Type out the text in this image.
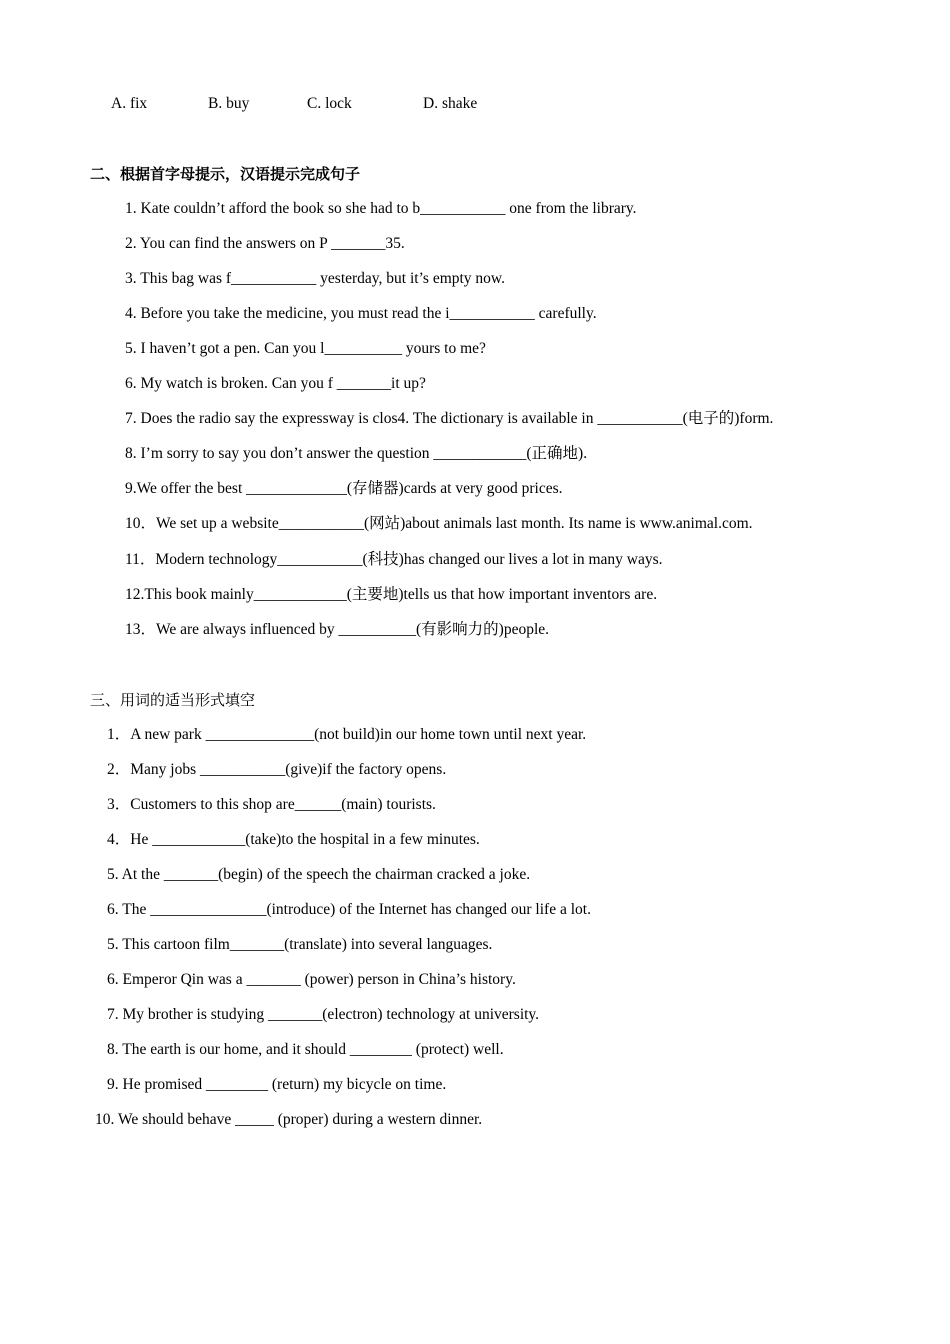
A. fix	B. buy	C. lock	D. shake
二、根据首字母提示，汉语提示完成句子
1. Kate couldn’t afford the book so she had to b___________ one from the library.
2. You can find the answers on P _______35.
3. This bag was f___________ yesterday, but it’s empty now.
4. Before you take the medicine, you must read the i___________ carefully.
5. I haven’t got a pen. Can you l__________ yours to me?
6. My watch is broken. Can you f _______it up?
7. Does the radio say the expressway is clos4. The dictionary is available in ___________(电子的)form.
8. I’m sorry to say you don’t answer the question ____________(正确地).
9.We offer the best _____________(存储器)cards at very good prices.
10．We set up a website___________(网站)about animals last month. Its name is www.animal.com.
11．Modern technology___________(科技)has changed our lives a lot in many ways.
12.This book mainly____________(主要地)tells us that how important inventors are.
13．We are always influenced by __________(有影响力的)people.
三、用词的适当形式填空
1．A new park ______________(not build)in our home town until next year.
2．Many jobs ___________(give)if the factory opens.
3．Customers to this shop are______(main) tourists.
4．He ____________(take)to the hospital in a few minutes.
5. At the _______(begin) of the speech the chairman cracked a joke.
6. The _______________(introduce) of the Internet has changed our life a lot.
5. This cartoon film_______(translate) into several languages.
6. Emperor Qin was a _______ (power) person in China’s history.
7. My brother is studying _______(electron) technology at university.
8. The earth is our home, and it should ________ (protect) well.
9. He promised ________ (return) my bicycle on time.
10. We should behave _____ (proper) during a western dinner.
